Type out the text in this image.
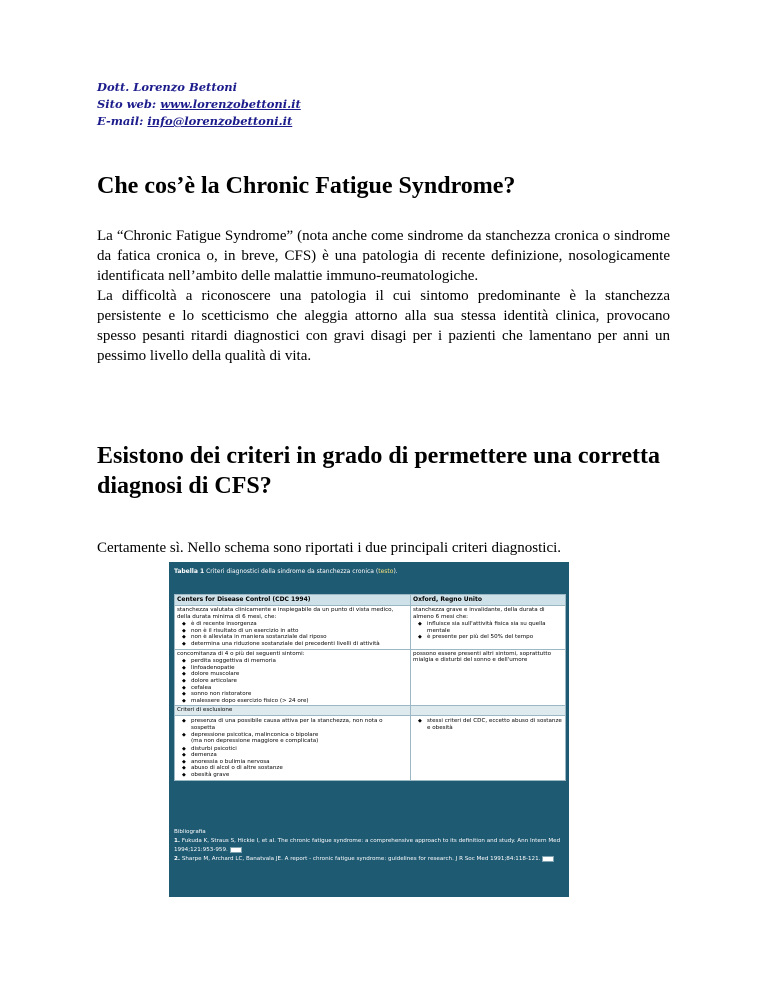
Dott. Lorenzo Bettoni
Sito web: www.lorenzobettoni.it
E-mail: info@lorenzobettoni.it
Che cos’è la Chronic Fatigue Syndrome?
La “Chronic Fatigue Syndrome” (nota anche come sindrome da stanchezza cronica o sindrome da fatica cronica o, in breve, CFS) è una patologia di recente definizione, nosologicamente identificata nell’ambito delle malattie immuno-reumatologiche.
La difficoltà a riconoscere una patologia il cui sintomo predominante è la stanchezza persistente e lo scetticismo che aleggia attorno alla sua stessa identità clinica, provocano spesso pesanti ritardi diagnostici con gravi disagi per i pazienti che lamentano per anni un pessimo livello della qualità di vita.
Esistono dei criteri in grado di permettere una corretta diagnosi di CFS?
Certamente sì. Nello schema sono riportati i due principali criteri diagnostici.
Tabella 1 Criteri diagnostici della sindrome da stanchezza cronica (testo).
Centers for Disease Control (CDC 1994)	Oxford, Regno Unito
stanchezza valutata clinicamente e inspiegabile da un punto di vista medico, della durata minima di 6 mesi, che:
◆ è di recente insorgenza
◆ non è il risultato di un esercizio in atto
◆ non è alleviata in maniera sostanziale dal riposo
◆ determina una riduzione sostanziale dei precedenti livelli di attività
stanchezza grave e invalidante, della durata di almeno 6 mesi che:
◆ influisce sia sull'attività fisica sia su quella mentale
◆ è presente per più del 50% del tempo
concomitanza di 4 o più dei seguenti sintomi:
◆ perdita soggettiva di memoria
◆ linfoadenopatie
◆ dolore muscolare
◆ dolore articolare
◆ cefalea
◆ sonno non ristoratore
◆ malessere dopo esercizio fisico (> 24 ore)
possono essere presenti altri sintomi, soprattutto mialgia e disturbi del sonno e dell'umore
Criteri di esclusione
◆ presenza di una possibile causa attiva per la stanchezza, non nota o sospetta
◆ depressione psicotica, malinconica o bipolare
(ma non depressione maggiore e complicata)
◆ disturbi psicotici
◆ demenza
◆ anoressia o bulimia nervosa
◆ abuso di alcol o di altre sostanze
◆ obesità grave
◆ stessi criteri del CDC, eccetto abuso di sostanze e obesità
Bibliografia
1. Fukuda K, Straus S, Hickie I, et al. The chronic fatigue syndrome: a comprehensive approach to its definition and study. Ann Intern Med 1994;121:953-959.
2. Sharpe M, Archard LC, Banatvala JE. A report - chronic fatigue syndrome: guidelines for research. J R Soc Med 1991;84:118-121.
